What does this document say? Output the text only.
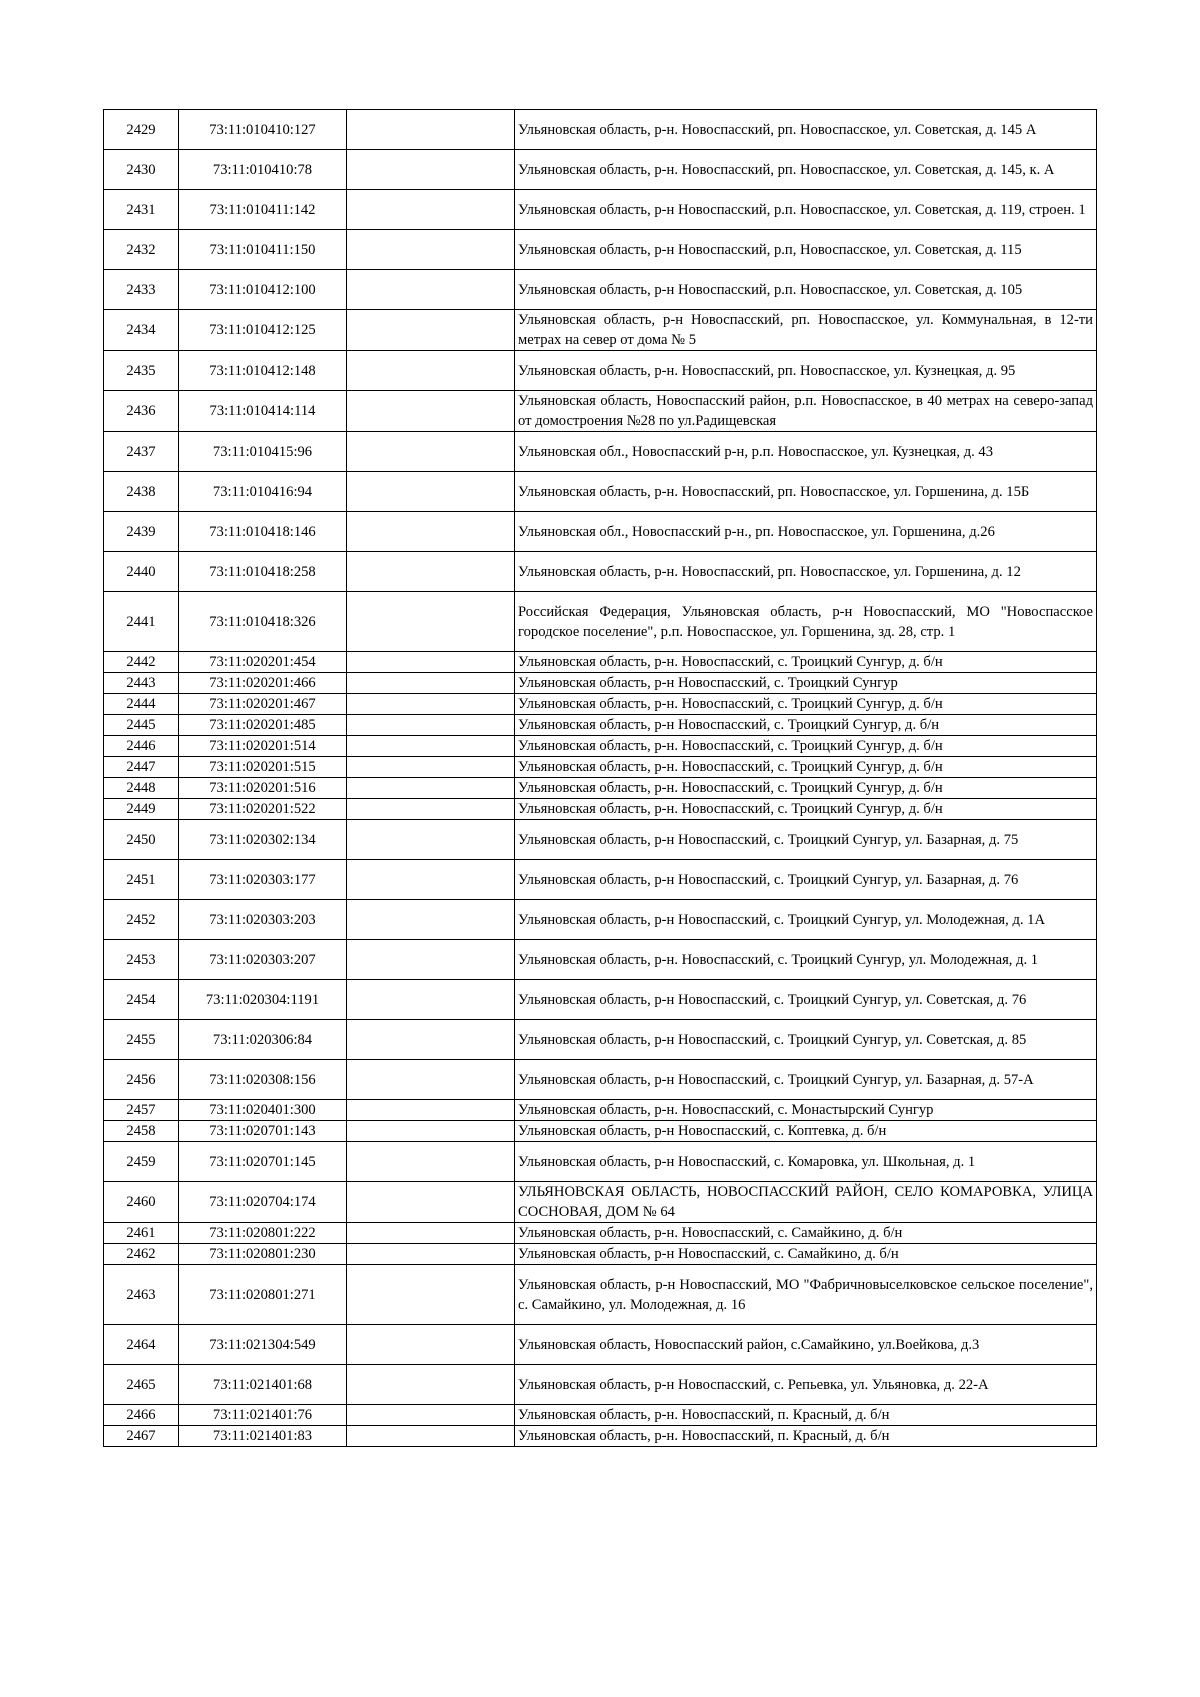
2429	73:11:010410:127		Ульяновская область, р-н. Новоспасский, рп. Новоспасское, ул. Советская, д. 145 А
2430	73:11:010410:78		Ульяновская область, р-н. Новоспасский, рп. Новоспасское, ул. Советская, д. 145, к. А
2431	73:11:010411:142		Ульяновская область, р-н Новоспасский, р.п. Новоспасское, ул. Советская, д. 119, строен. 1
2432	73:11:010411:150		Ульяновская область, р-н Новоспасский, р.п, Новоспасское, ул. Советская, д. 115
2433	73:11:010412:100		Ульяновская область, р-н Новоспасский, р.п. Новоспасское, ул. Советская, д. 105
2434	73:11:010412:125		Ульяновская область, р-н Новоспасский, рп. Новоспасское, ул. Коммунальная, в 12-ти метрах на север от дома № 5
2435	73:11:010412:148		Ульяновская область, р-н. Новоспасский, рп. Новоспасское, ул. Кузнецкая, д. 95
2436	73:11:010414:114		Ульяновская область, Новоспасский район, р.п. Новоспасское, в 40 метрах на северо-запад от домостроения №28 по ул.Радищевская
2437	73:11:010415:96		Ульяновская обл., Новоспасский р-н, р.п. Новоспасское, ул. Кузнецкая, д. 43
2438	73:11:010416:94		Ульяновская область, р-н. Новоспасский, рп. Новоспасское, ул. Горшенина, д. 15Б
2439	73:11:010418:146		Ульяновская обл., Новоспасский р-н., рп. Новоспасское, ул. Горшенина, д.26
2440	73:11:010418:258		Ульяновская область, р-н. Новоспасский, рп. Новоспасское, ул. Горшенина, д. 12
2441	73:11:010418:326		Российская Федерация, Ульяновская область, р-н Новоспасский, МО "Новоспасское городское поселение", р.п. Новоспасское, ул. Горшенина, зд. 28, стр. 1
2442	73:11:020201:454		Ульяновская область, р-н. Новоспасский, с. Троицкий Сунгур, д. б/н
2443	73:11:020201:466		Ульяновская область, р-н Новоспасский, с. Троицкий Сунгур
2444	73:11:020201:467		Ульяновская область, р-н. Новоспасский, с. Троицкий Сунгур, д. б/н
2445	73:11:020201:485		Ульяновская область, р-н Новоспасский, с. Троицкий Сунгур, д. б/н
2446	73:11:020201:514		Ульяновская область, р-н. Новоспасский, с. Троицкий Сунгур, д. б/н
2447	73:11:020201:515		Ульяновская область, р-н. Новоспасский, с. Троицкий Сунгур, д. б/н
2448	73:11:020201:516		Ульяновская область, р-н. Новоспасский, с. Троицкий Сунгур, д. б/н
2449	73:11:020201:522		Ульяновская область, р-н. Новоспасский, с. Троицкий Сунгур, д. б/н
2450	73:11:020302:134		Ульяновская область, р-н Новоспасский, с. Троицкий Сунгур, ул. Базарная, д. 75
2451	73:11:020303:177		Ульяновская область, р-н Новоспасский, с. Троицкий Сунгур, ул. Базарная, д. 76
2452	73:11:020303:203		Ульяновская область, р-н Новоспасский, с. Троицкий Сунгур, ул. Молодежная, д. 1А
2453	73:11:020303:207		Ульяновская область, р-н. Новоспасский, с. Троицкий Сунгур, ул. Молодежная, д. 1
2454	73:11:020304:1191		Ульяновская область, р-н Новоспасский, с. Троицкий Сунгур, ул. Советская, д. 76
2455	73:11:020306:84		Ульяновская область, р-н Новоспасский, с. Троицкий Сунгур, ул. Советская, д. 85
2456	73:11:020308:156		Ульяновская область, р-н Новоспасский, с. Троицкий Сунгур, ул. Базарная, д. 57-А
2457	73:11:020401:300		Ульяновская область, р-н. Новоспасский, с. Монастырский Сунгур
2458	73:11:020701:143		Ульяновская область, р-н Новоспасский, с. Коптевка, д. б/н
2459	73:11:020701:145		Ульяновская область, р-н Новоспасский, с. Комаровка, ул. Школьная, д. 1
2460	73:11:020704:174		УЛЬЯНОВСКАЯ ОБЛАСТЬ, НОВОСПАССКИЙ РАЙОН, СЕЛО КОМАРОВКА, УЛИЦА СОСНОВАЯ, ДОМ № 64
2461	73:11:020801:222		Ульяновская область, р-н. Новоспасский, с. Самайкино, д. б/н
2462	73:11:020801:230		Ульяновская область, р-н Новоспасский, с. Самайкино, д. б/н
2463	73:11:020801:271		Ульяновская область, р-н Новоспасский, МО "Фабричновыселковское сельское поселение", с. Самайкино, ул. Молодежная, д. 16
2464	73:11:021304:549		Ульяновская область, Новоспасский район, с.Самайкино, ул.Воейкова, д.3
2465	73:11:021401:68		Ульяновская область, р-н Новоспасский, с. Репьевка, ул. Ульяновка, д. 22-А
2466	73:11:021401:76		Ульяновская область, р-н. Новоспасский, п. Красный, д. б/н
2467	73:11:021401:83		Ульяновская область, р-н. Новоспасский, п. Красный, д. б/н
